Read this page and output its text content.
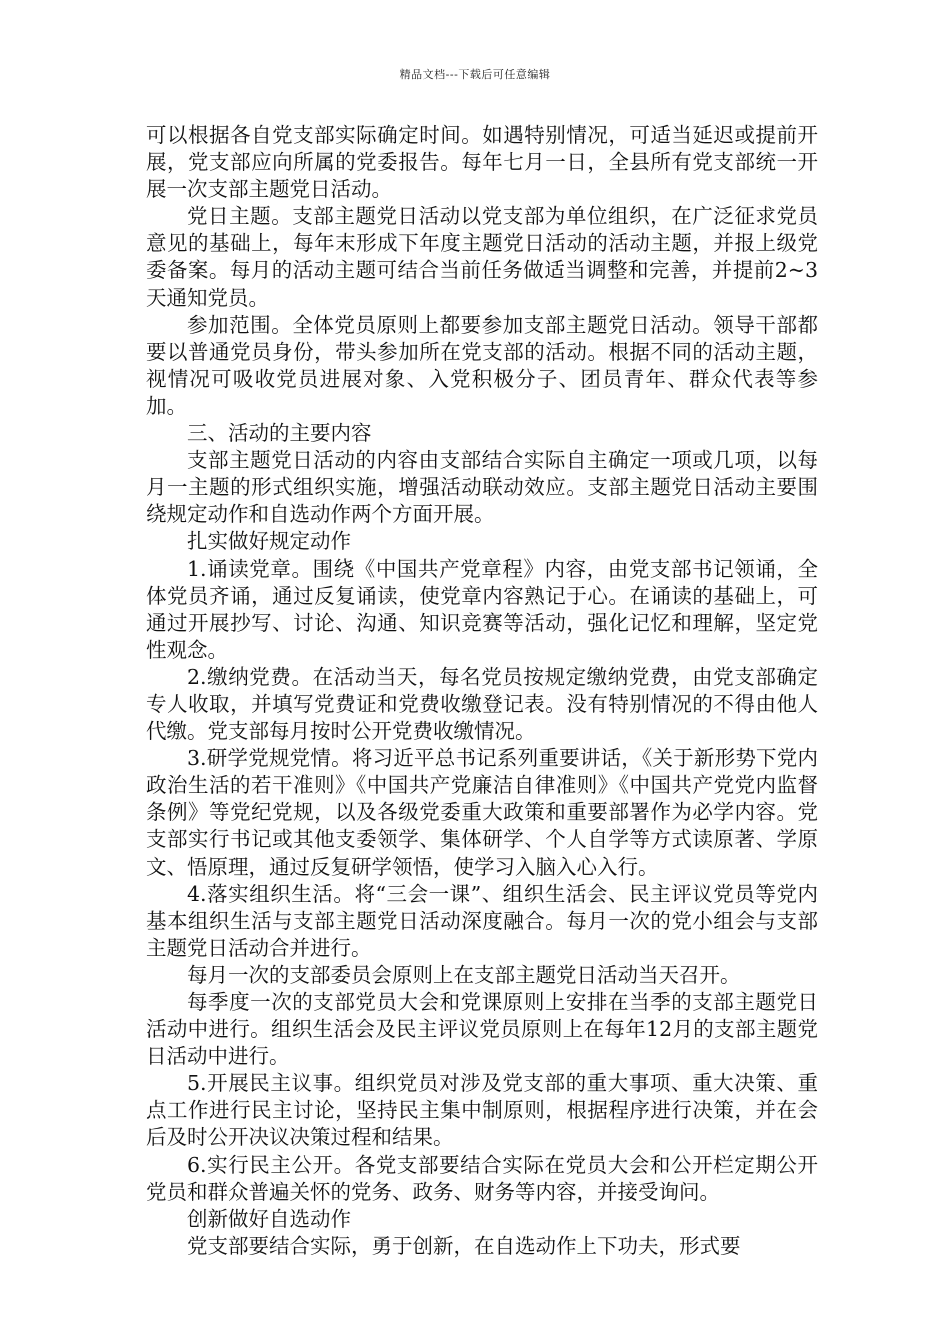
精品文档---下载后可任意编辑

可以根据各自党支部实际确定时间。如遇特别情况，可适当延迟或提前开展，党支部应向所属的党委报告。每年七月一日，全县所有党支部统一开展一次支部主题党日活动。

党日主题。支部主题党日活动以党支部为单位组织，在广泛征求党员意见的基础上，每年末形成下年度主题党日活动的活动主题，并报上级党委备案。每月的活动主题可结合当前任务做适当调整和完善，并提前2~3天通知党员。

参加范围。全体党员原则上都要参加支部主题党日活动。领导干部都要以普通党员身份，带头参加所在党支部的活动。根据不同的活动主题，视情况可吸收党员进展对象、入党积极分子、团员青年、群众代表等参加。

三、活动的主要内容

支部主题党日活动的内容由支部结合实际自主确定一项或几项，以每月一主题的形式组织实施，增强活动联动效应。支部主题党日活动主要围绕规定动作和自选动作两个方面开展。

扎实做好规定动作

1.诵读党章。围绕《中国共产党章程》内容，由党支部书记领诵，全体党员齐诵，通过反复诵读，使党章内容熟记于心。在诵读的基础上，可通过开展抄写、讨论、沟通、知识竞赛等活动，强化记忆和理解，坚定党性观念。

2.缴纳党费。在活动当天，每名党员按规定缴纳党费，由党支部确定专人收取，并填写党费证和党费收缴登记表。没有特别情况的不得由他人代缴。党支部每月按时公开党费收缴情况。

3.研学党规党情。将习近平总书记系列重要讲话，《关于新形势下党内政治生活的若干准则》《中国共产党廉洁自律准则》《中国共产党党内监督条例》等党纪党规，以及各级党委重大政策和重要部署作为必学内容。党支部实行书记或其他支委领学、集体研学、个人自学等方式读原著、学原文、悟原理，通过反复研学领悟，使学习入脑入心入行。

4.落实组织生活。将“三会一课”、组织生活会、民主评议党员等党内基本组织生活与支部主题党日活动深度融合。每月一次的党小组会与支部主题党日活动合并进行。

每月一次的支部委员会原则上在支部主题党日活动当天召开。

每季度一次的支部党员大会和党课原则上安排在当季的支部主题党日活动中进行。组织生活会及民主评议党员原则上在每年12月的支部主题党日活动中进行。

5.开展民主议事。组织党员对涉及党支部的重大事项、重大决策、重点工作进行民主讨论，坚持民主集中制原则，根据程序进行决策，并在会后及时公开决议决策过程和结果。

6.实行民主公开。各党支部要结合实际在党员大会和公开栏定期公开党员和群众普遍关怀的党务、政务、财务等内容，并接受询问。

创新做好自选动作

党支部要结合实际，勇于创新，在自选动作上下功夫，形式要
